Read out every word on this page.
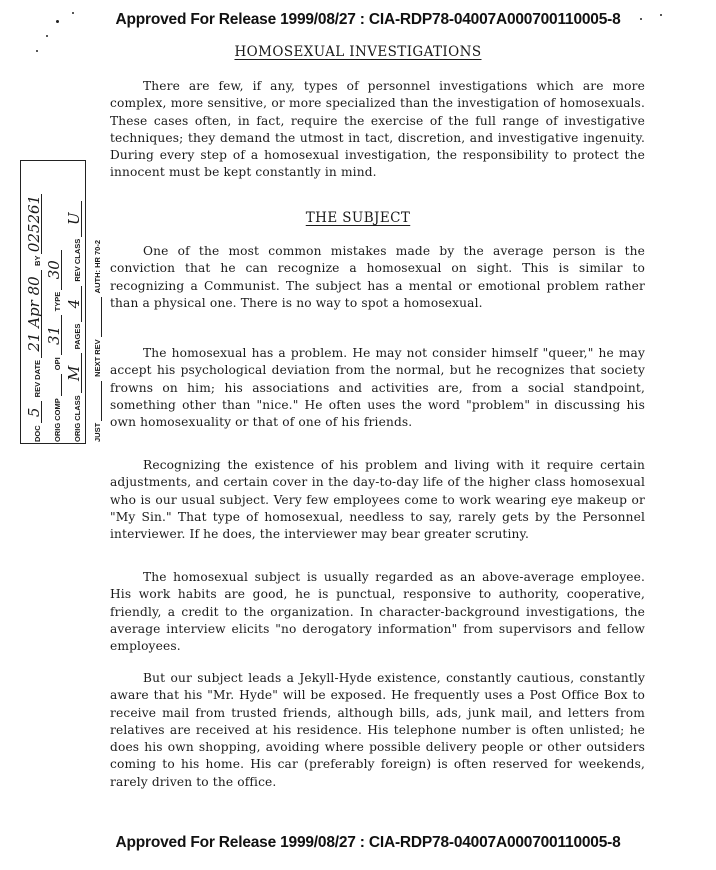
Approved For Release 1999/08/27 : CIA-RDP78-04007A000700110005-8
HOMOSEXUAL INVESTIGATIONS

There are few, if any, types of personnel investigations which are more complex, more sensitive, or more specialized than the investigation of homosexuals. These cases often, in fact, require the exercise of the full range of investigative techniques; they demand the utmost in tact, discretion, and investigative ingenuity. During every step of a homosexual investigation, the responsibility to protect the innocent must be kept constantly in mind.

THE SUBJECT

One of the most common mistakes made by the average person is the conviction that he can recognize a homosexual on sight. This is similar to recognizing a Communist. The subject has a mental or emotional problem rather than a physical one. There is no way to spot a homosexual.

The homosexual has a problem. He may not consider himself "queer," he may accept his psychological deviation from the normal, but he recognizes that society frowns on him; his associations and activities are, from a social standpoint, something other than "nice." He often uses the word "problem" in discussing his own homosexuality or that of one of his friends.

Recognizing the existence of his problem and living with it require certain adjustments, and certain cover in the day-to-day life of the higher class homosexual who is our usual subject. Very few employees come to work wearing eye makeup or "My Sin." That type of homosexual, needless to say, rarely gets by the Personnel interviewer. If he does, the interviewer may bear greater scrutiny.

The homosexual subject is usually regarded as an above-average employee. His work habits are good, he is punctual, responsive to authority, cooperative, friendly, a credit to the organization. In character-background investigations, the average interview elicits "no derogatory information" from supervisors and fellow employees.

But our subject leads a Jekyll-Hyde existence, constantly cautious, constantly aware that his "Mr. Hyde" will be exposed. He frequently uses a Post Office Box to receive mail from trusted friends, although bills, ads, junk mail, and letters from relatives are received at his residence. His telephone number is often unlisted; he does his own shopping, avoiding where possible delivery people or other outsiders coming to his home. His car (preferably foreign) is often reserved for weekends, rarely driven to the office.

DOC
5
REV DATE
21 Apr 80
BY
025261
ORIG COMP
OPI
31
TYPE
30
ORIG CLASS
M
PAGES
4
REV CLASS
U
JUST
NEXT REV
AUTH: HR 70-2
Approved For Release 1999/08/27 : CIA-RDP78-04007A000700110005-8
